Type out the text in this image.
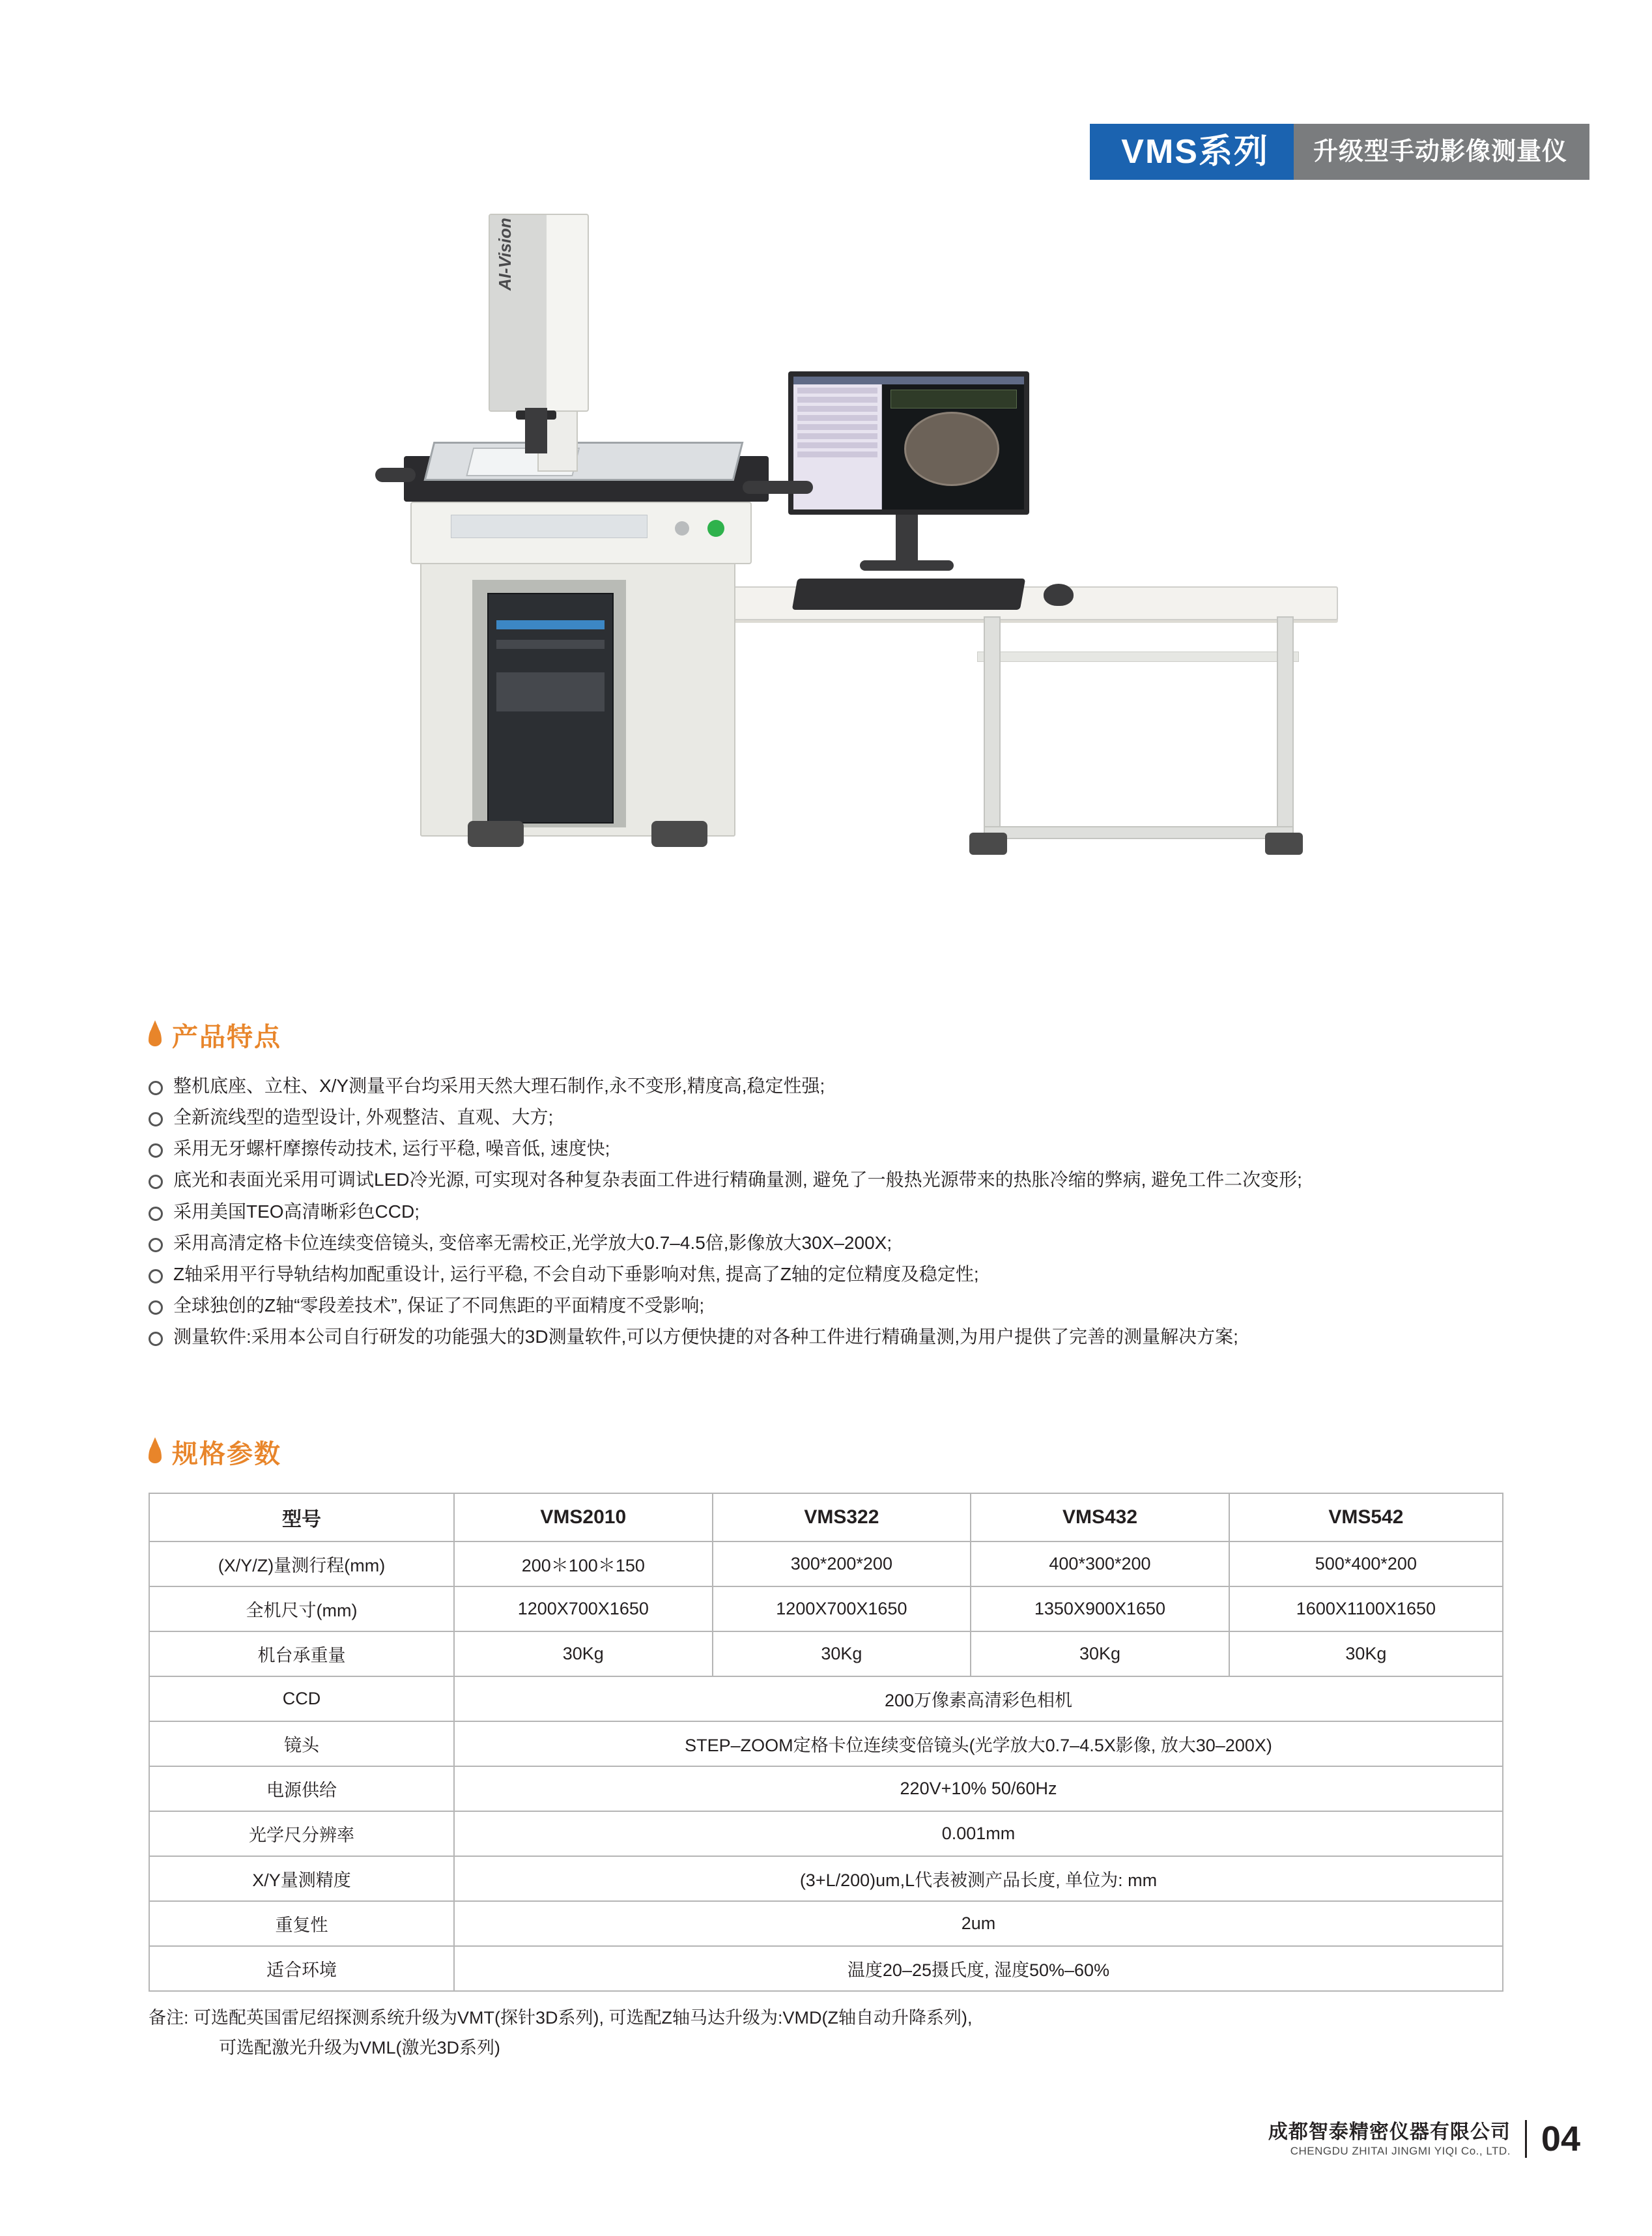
VMS系列	升级型手动影像测量仪
AI-Vision
产品特点
整机底座、立柱、X/Y测量平台均采用天然大理石制作,永不变形,精度高,稳定性强;
全新流线型的造型设计, 外观整洁、直观、大方;
采用无牙螺杆摩擦传动技术, 运行平稳, 噪音低, 速度快;
底光和表面光采用可调试LED冷光源, 可实现对各种复杂表面工件进行精确量测, 避免了一般热光源带来的热胀冷缩的弊病, 避免工件二次变形;
采用美国TEO高清晰彩色CCD;
采用高清定格卡位连续变倍镜头, 变倍率无需校正,光学放大0.7–4.5倍,影像放大30X–200X;
Z轴采用平行导轨结构加配重设计, 运行平稳, 不会自动下垂影响对焦, 提高了Z轴的定位精度及稳定性;
全球独创的Z轴“零段差技术”, 保证了不同焦距的平面精度不受影响;
测量软件:采用本公司自行研发的功能强大的3D测量软件,可以方便快捷的对各种工件进行精确量测,为用户提供了完善的测量解决方案;
规格参数
型号	VMS2010	VMS322	VMS432	VMS542
(X/Y/Z)量测行程(mm)	200＊100＊150	300*200*200	400*300*200	500*400*200
全机尺寸(mm)	1200X700X1650	1200X700X1650	1350X900X1650	1600X1100X1650
机台承重量	30Kg	30Kg	30Kg	30Kg
CCD	200万像素高清彩色相机			
镜头	STEP–ZOOM定格卡位连续变倍镜头(光学放大0.7–4.5X影像, 放大30–200X)			
电源供给	220V+10% 50/60Hz			
光学尺分辨率	0.001mm			
X/Y量测精度	(3+L/200)um,L代表被测产品长度, 单位为: mm			
重复性	2um			
适合环境	温度20–25摄氏度, 湿度50%–60%			
备注: 可选配英国雷尼绍探测系统升级为VMT(探针3D系列), 可选配Z轴马达升级为:VMD(Z轴自动升降系列),
可选配激光升级为VML(激光3D系列)
成都智泰精密仪器有限公司
CHENGDU ZHITAI JINGMI YIQI Co., LTD. 04
